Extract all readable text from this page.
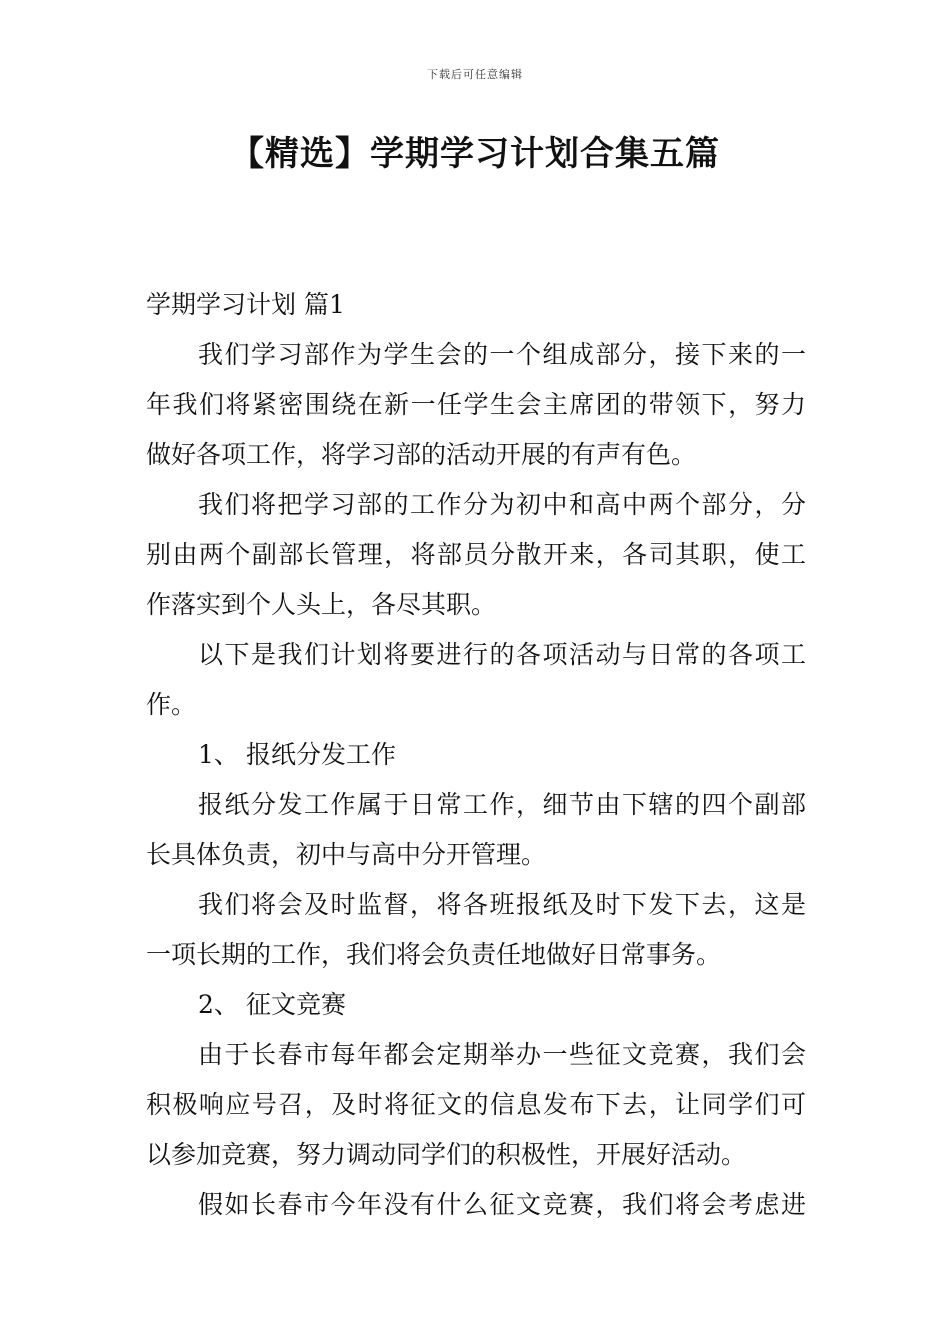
下载后可任意编辑
【精选】学期学习计划合集五篇
学期学习计划 篇1
我们学习部作为学生会的一个组成部分，接下来的一
年我们将紧密围绕在新一任学生会主席团的带领下，努力
做好各项工作，将学习部的活动开展的有声有色。
我们将把学习部的工作分为初中和高中两个部分，分
别由两个副部长管理，将部员分散开来，各司其职，使工
作落实到个人头上，各尽其职。
以下是我们计划将要进行的各项活动与日常的各项工
作。
1、 报纸分发工作
报纸分发工作属于日常工作，细节由下辖的四个副部
长具体负责，初中与高中分开管理。
我们将会及时监督，将各班报纸及时下发下去，这是
一项长期的工作，我们将会负责任地做好日常事务。
2、 征文竞赛
由于长春市每年都会定期举办一些征文竞赛，我们会
积极响应号召，及时将征文的信息发布下去，让同学们可
以参加竞赛，努力调动同学们的积极性，开展好活动。
假如长春市今年没有什么征文竞赛，我们将会考虑进
